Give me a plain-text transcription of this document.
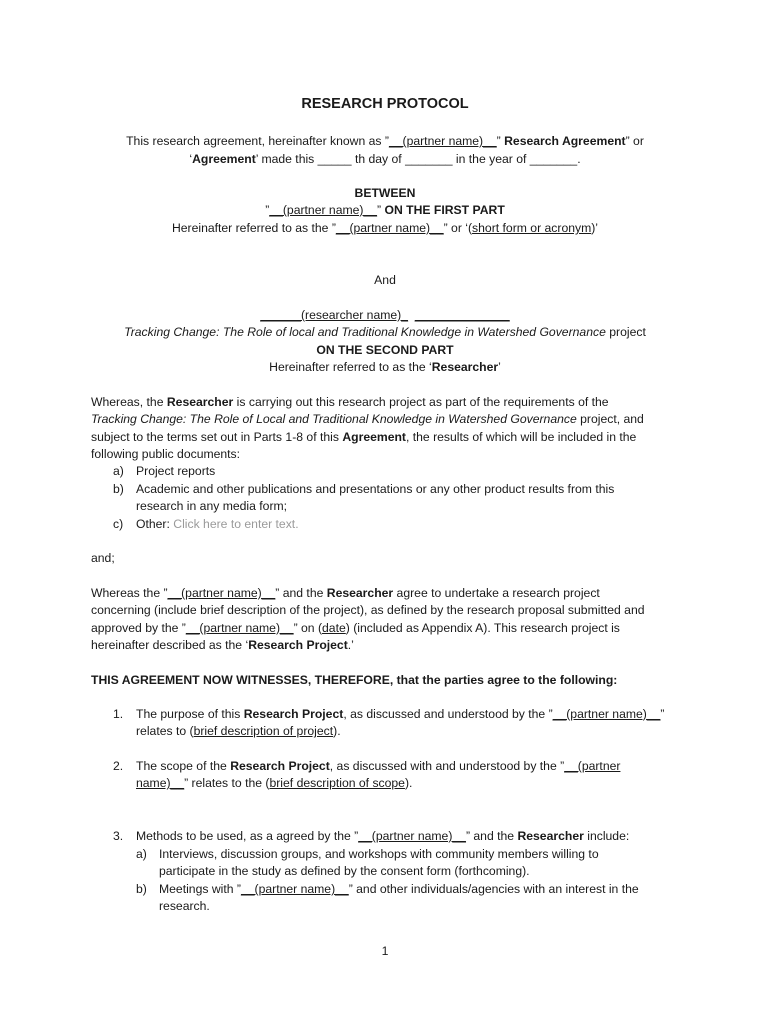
RESEARCH PROTOCOL
This research agreement, hereinafter known as ”__(partner name)__” Research Agreement” or
‘Agreement’ made this _____ th day of _______ in the year of _______.
BETWEEN
”__(partner name)__” ON THE FIRST PART
Hereinafter referred to as the ”__(partner name)__” or ‘(short form or acronym)’
And
______(researcher name)_ ______________
Tracking Change: The Role of local and Traditional Knowledge in Watershed Governance project
ON THE SECOND PART
Hereinafter referred to as the ‘Researcher’
Whereas, the Researcher is carrying out this research project as part of the requirements of the
Tracking Change: The Role of Local and Traditional Knowledge in Watershed Governance project, and
subject to the terms set out in Parts 1-8 of this Agreement, the results of which will be included in the
following public documents:
a) Project reports
b) Academic and other publications and presentations or any other product results from this
research in any media form;
c) Other: Click here to enter text.
and;
Whereas the ”__(partner name)__” and the Researcher agree to undertake a research project
concerning (include brief description of the project), as defined by the research proposal submitted and
approved by the ”__(partner name)__” on (date) (included as Appendix A). This research project is
hereinafter described as the ‘Research Project.’
THIS AGREEMENT NOW WITNESSES, THEREFORE, that the parties agree to the following:
1. The purpose of this Research Project, as discussed and understood by the ”__(partner name)__”
relates to (brief description of project).
2. The scope of the Research Project, as discussed with and understood by the ”__(partner
name)__” relates to the (brief description of scope).
3. Methods to be used, as a agreed by the ”__(partner name)__” and the Researcher include:
a) Interviews, discussion groups, and workshops with community members willing to
participate in the study as defined by the consent form (forthcoming).
b) Meetings with ”__(partner name)__” and other individuals/agencies with an interest in the
research.
1
